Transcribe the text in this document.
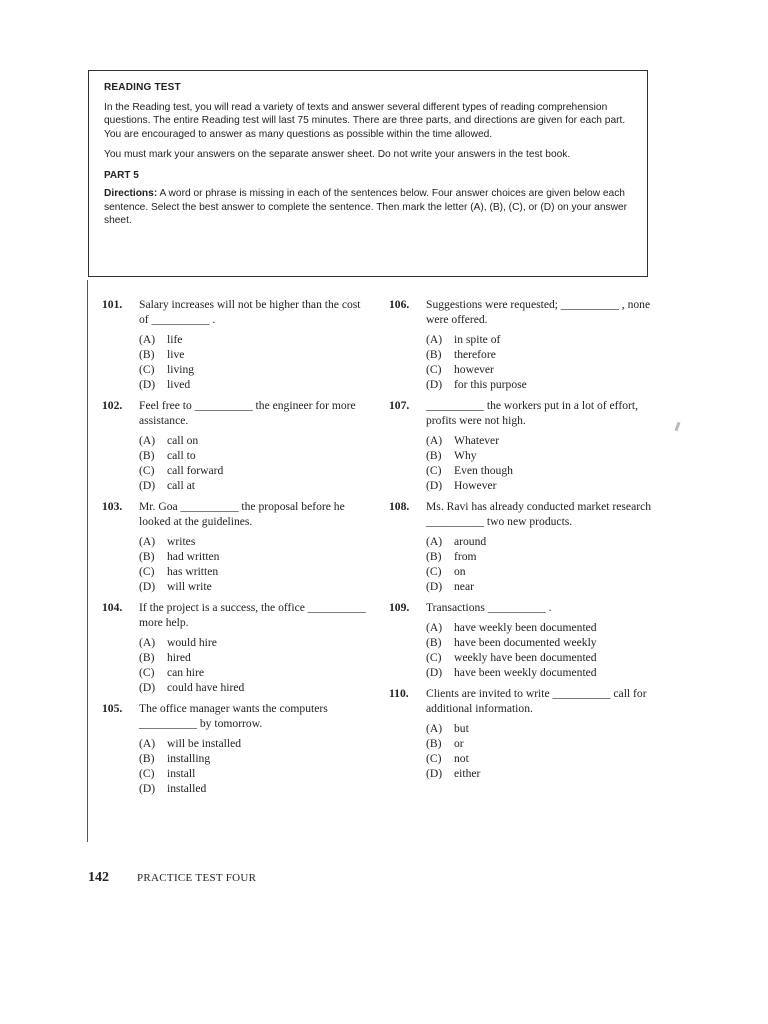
READING TEST

In the Reading test, you will read a variety of texts and answer several different types of reading comprehension questions. The entire Reading test will last 75 minutes. There are three parts, and directions are given for each part. You are encouraged to answer as many questions as possible within the time allowed.

You must mark your answers on the separate answer sheet. Do not write your answers in the test book.

PART 5

Directions: A word or phrase is missing in each of the sentences below. Four answer choices are given below each sentence. Select the best answer to complete the sentence. Then mark the letter (A), (B), (C), or (D) on your answer sheet.

101.	Salary increases will not be higher than the cost of __________ .
(A)	life
(B)	live
(C)	living
(D)	lived
102.	Feel free to __________ the engineer for more assistance.
(A)	call on
(B)	call to
(C)	call forward
(D)	call at
103.	Mr. Goa __________ the proposal before he looked at the guidelines.
(A)	writes
(B)	had written
(C)	has written
(D)	will write
104.	If the project is a success, the office __________ more help.
(A)	would hire
(B)	hired
(C)	can hire
(D)	could have hired
105.	The office manager wants the computers __________ by tomorrow.
(A)	will be installed
(B)	installing
(C)	install
(D)	installed
106.	Suggestions were requested; __________ , none were offered.
(A)	in spite of
(B)	therefore
(C)	however
(D)	for this purpose
107.	__________ the workers put in a lot of effort, profits were not high.
(A)	Whatever
(B)	Why
(C)	Even though
(D)	However
108.	Ms. Ravi has already conducted market research __________ two new products.
(A)	around
(B)	from
(C)	on
(D)	near
109.	Transactions __________ .
(A)	have weekly been documented
(B)	have been documented weekly
(C)	weekly have been documented
(D)	have been weekly documented
110.	Clients are invited to write __________ call for additional information.
(A)	but
(B)	or
(C)	not
(D)	either
142	PRACTICE TEST FOUR
